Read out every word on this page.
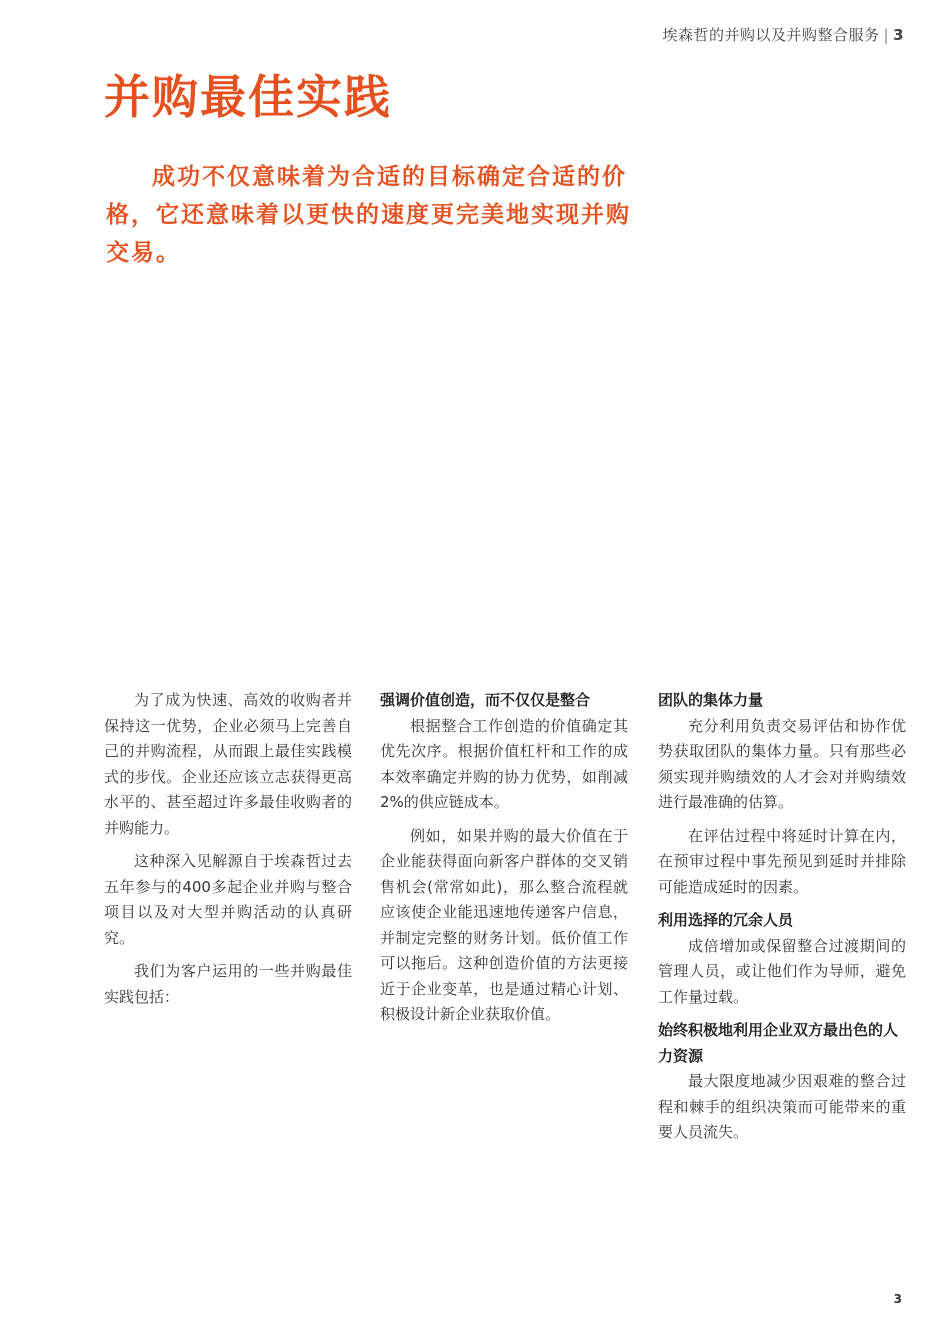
埃森哲的并购以及并购整合服务 | 3
并购最佳实践

成功不仅意味着为合适的目标确定合适的价格，它还意味着以更快的速度更完美地实现并购交易。

为了成为快速、高效的收购者并保持这一优势，企业必须马上完善自己的并购流程，从而跟上最佳实践模式的步伐。企业还应该立志获得更高水平的、甚至超过许多最佳收购者的并购能力。

这种深入见解源自于埃森哲过去五年参与的400多起企业并购与整合项目以及对大型并购活动的认真研究。

我们为客户运用的一些并购最佳实践包括：

强调价值创造，而不仅仅是整合

根据整合工作创造的价值确定其优先次序。根据价值杠杆和工作的成本效率确定并购的协力优势，如削减 2%的供应链成本。

例如，如果并购的最大价值在于企业能获得面向新客户群体的交叉销售机会(常常如此)，那么整合流程就应该使企业能迅速地传递客户信息，并制定完整的财务计划。低价值工作可以拖后。这种创造价值的方法更接近于企业变革，也是通过精心计划、积极设计新企业获取价值。

团队的集体力量

充分利用负责交易评估和协作优势获取团队的集体力量。只有那些必须实现并购绩效的人才会对并购绩效进行最准确的估算。

在评估过程中将延时计算在内，在预审过程中事先预见到延时并排除可能造成延时的因素。

利用选择的冗余人员

成倍增加或保留整合过渡期间的管理人员，或让他们作为导师，避免工作量过载。

始终积极地利用企业双方最出色的人力资源

最大限度地减少因艰难的整合过程和棘手的组织决策而可能带来的重要人员流失。

3
